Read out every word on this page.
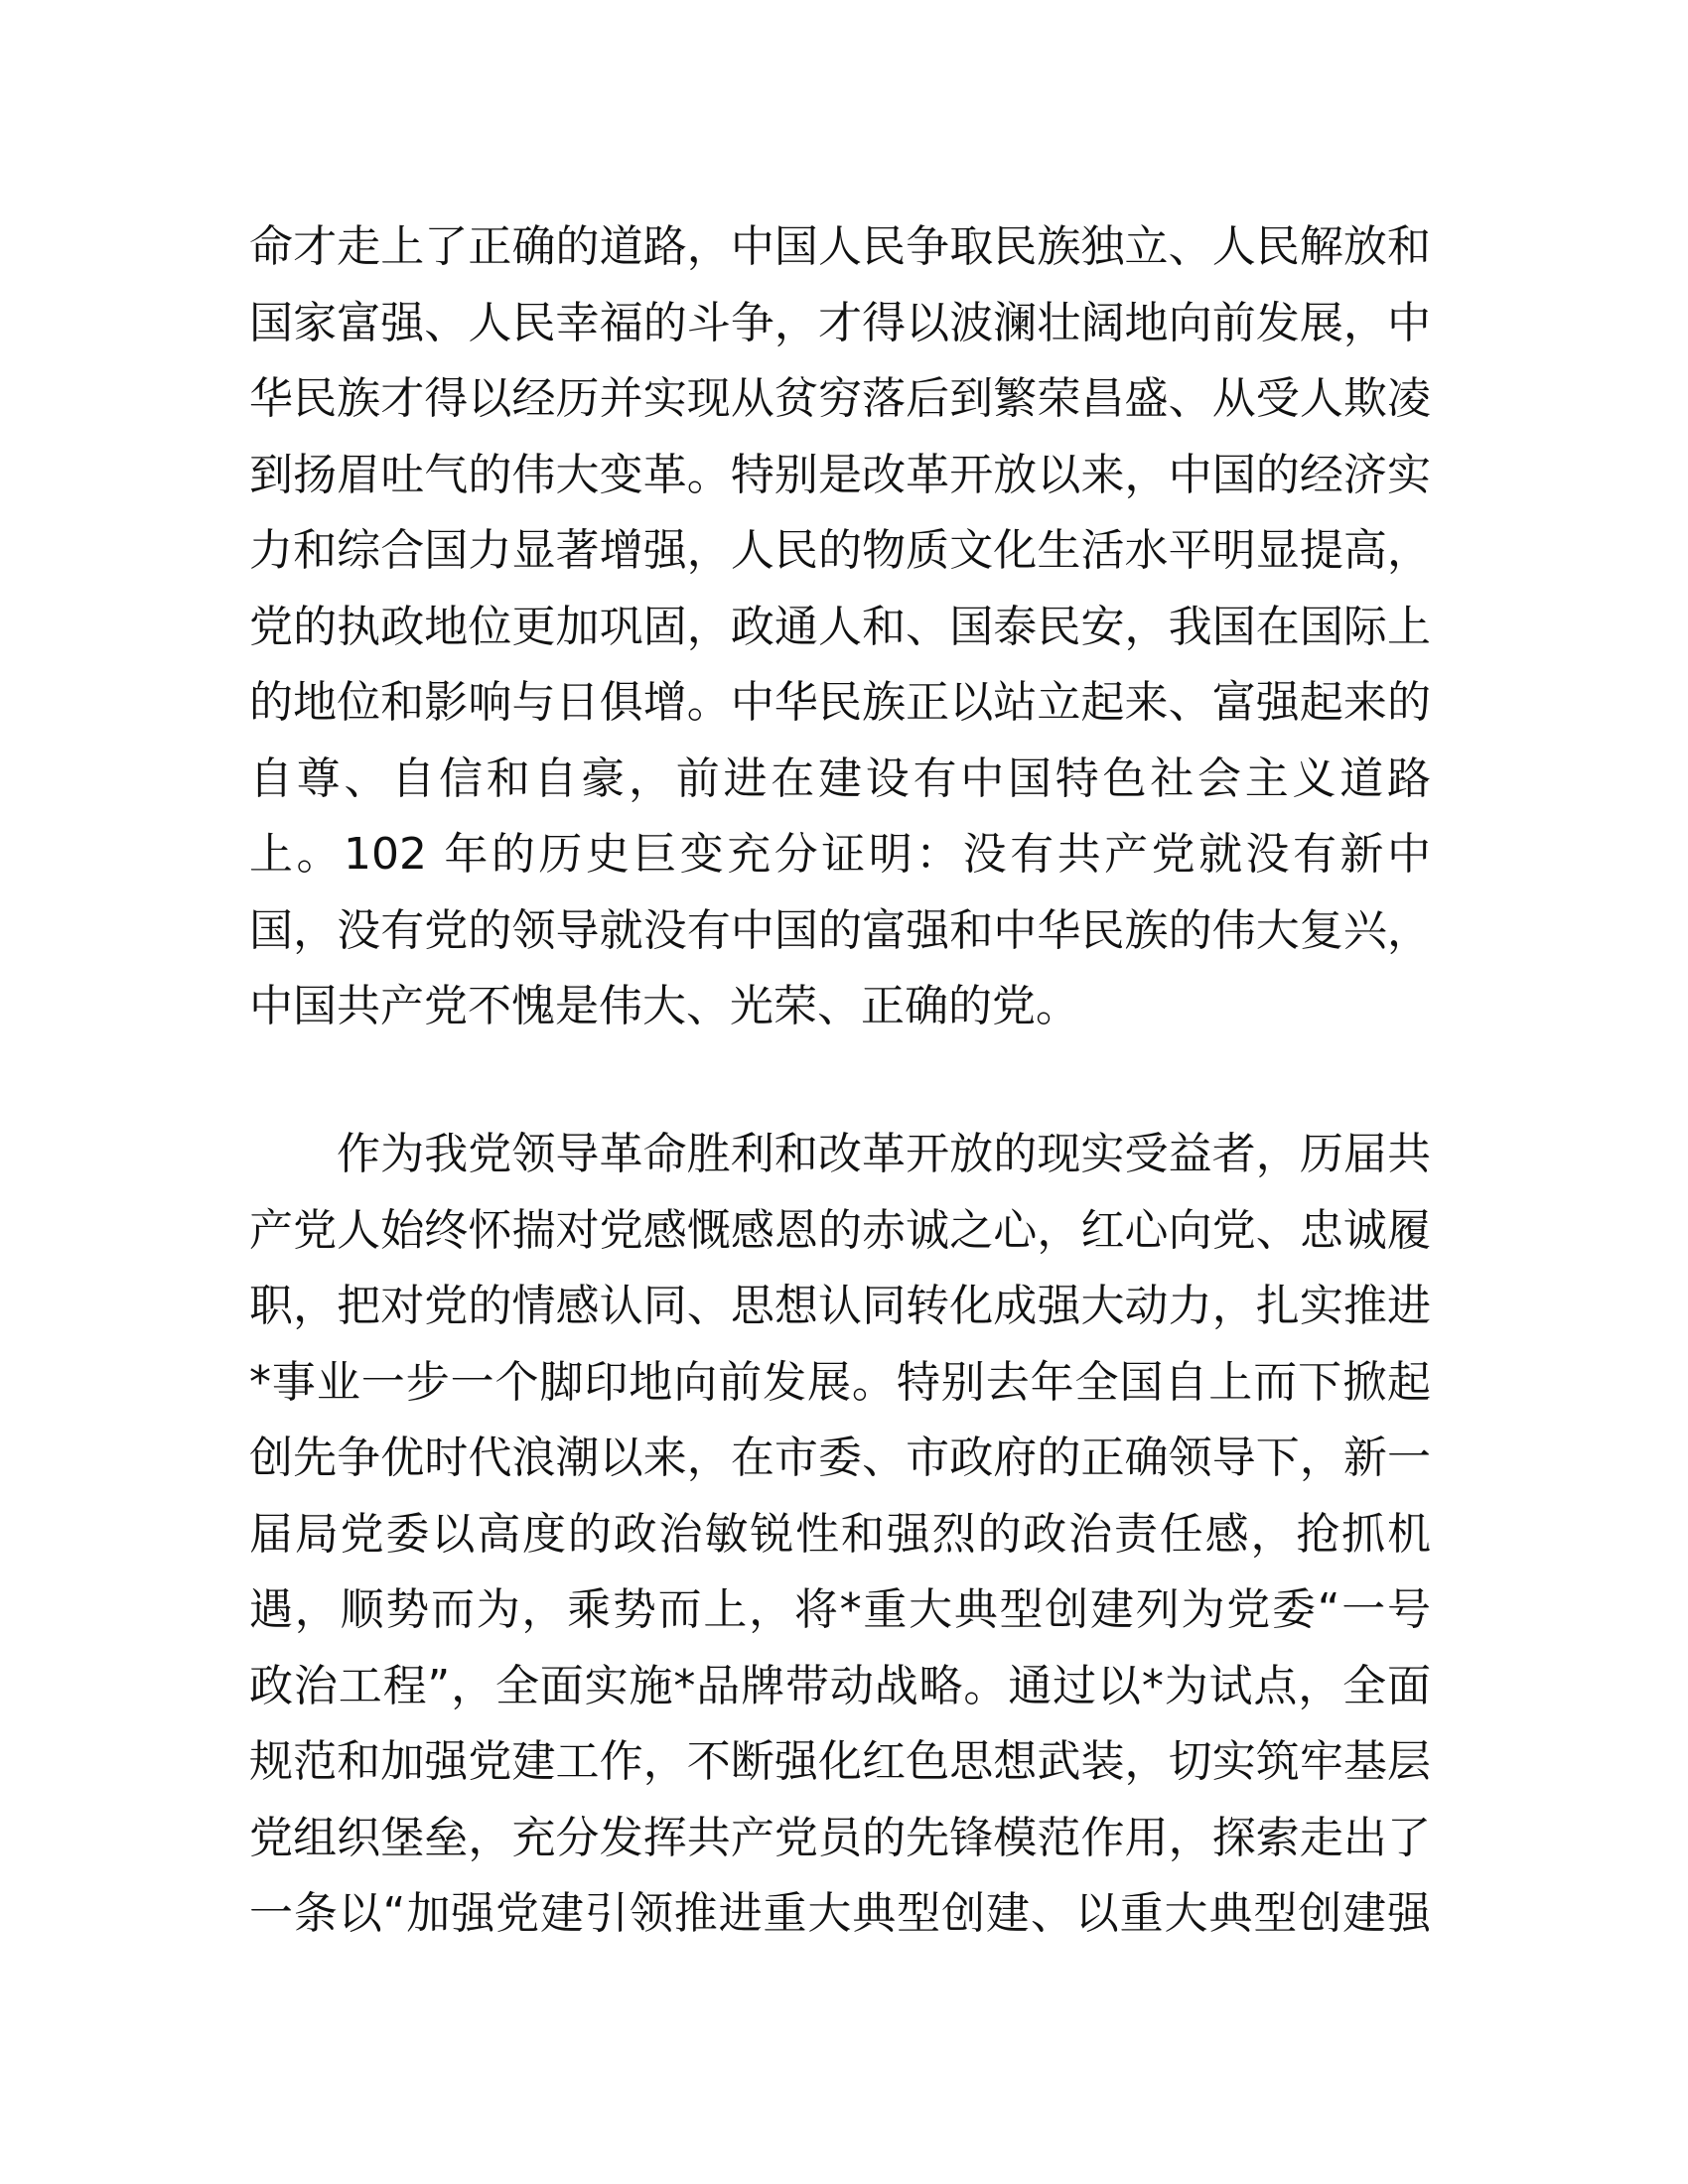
命才走上了正确的道路，中国人民争取民族独立、人民解放和
国家富强、人民幸福的斗争，才得以波澜壮阔地向前发展，中
华民族才得以经历并实现从贫穷落后到繁荣昌盛、从受人欺凌
到扬眉吐气的伟大变革。特别是改革开放以来，中国的经济实
力和综合国力显著增强，人民的物质文化生活水平明显提高，
党的执政地位更加巩固，政通人和、国泰民安，我国在国际上
的地位和影响与日俱增。中华民族正以站立起来、富强起来的
自尊、自信和自豪，前进在建设有中国特色社会主义道路
上。102 年的历史巨变充分证明：没有共产党就没有新中
国，没有党的领导就没有中国的富强和中华民族的伟大复兴，
中国共产党不愧是伟大、光荣、正确的党。
作为我党领导革命胜利和改革开放的现实受益者，历届共
产党人始终怀揣对党感慨感恩的赤诚之心，红心向党、忠诚履
职，把对党的情感认同、思想认同转化成强大动力，扎实推进
*事业一步一个脚印地向前发展。特别去年全国自上而下掀起
创先争优时代浪潮以来，在市委、市政府的正确领导下，新一
届局党委以高度的政治敏锐性和强烈的政治责任感，抢抓机
遇，顺势而为，乘势而上，将*重大典型创建列为党委“一号
政治工程”，全面实施*品牌带动战略。通过以*为试点，全面
规范和加强党建工作，不断强化红色思想武装，切实筑牢基层
党组织堡垒，充分发挥共产党员的先锋模范作用，探索走出了
一条以“加强党建引领推进重大典型创建、以重大典型创建强
